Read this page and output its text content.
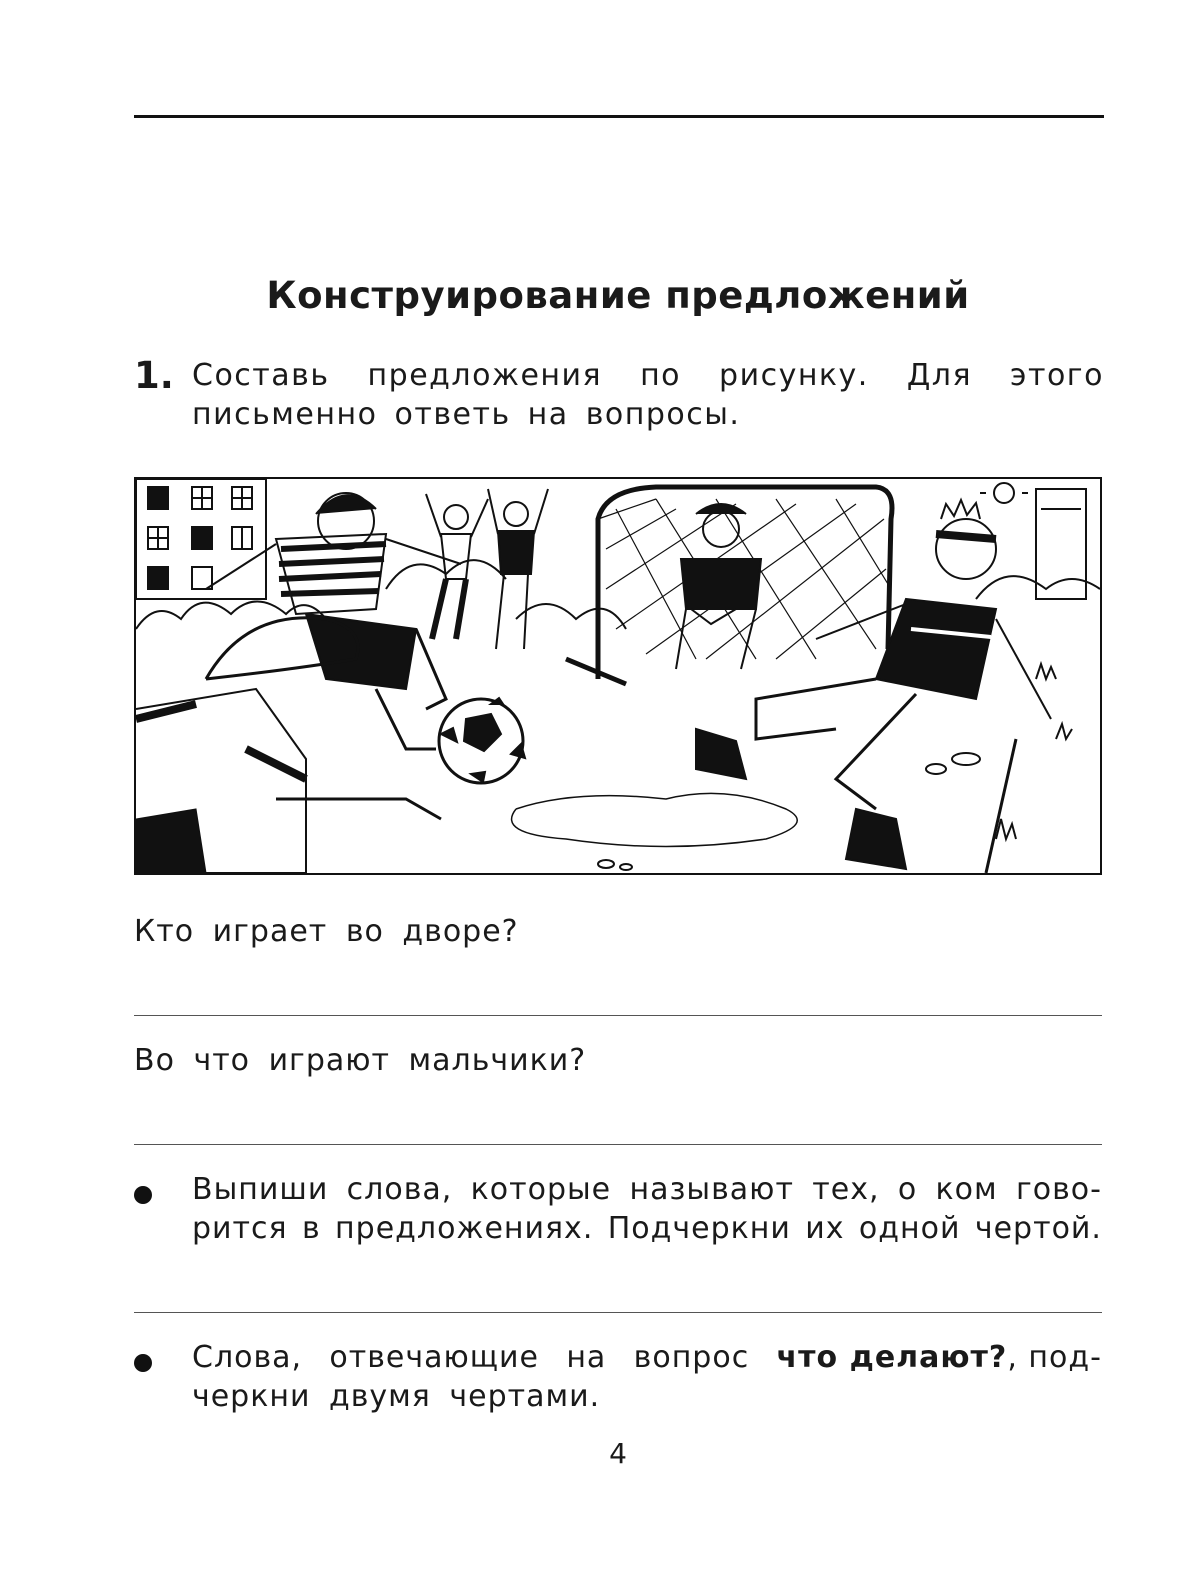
Конструирование предложений
1. Составь предложения по рисунку. Для этого
письменно ответь на вопросы.
Кто играет во дворе?
Во что играют мальчики?
Выпиши слова, которые называют тех, о ком гово-
рится в предложениях. Подчеркни их одной чертой.
Слова, отвечающие на вопрос что делают?, под-
черкни двумя чертами.
4
